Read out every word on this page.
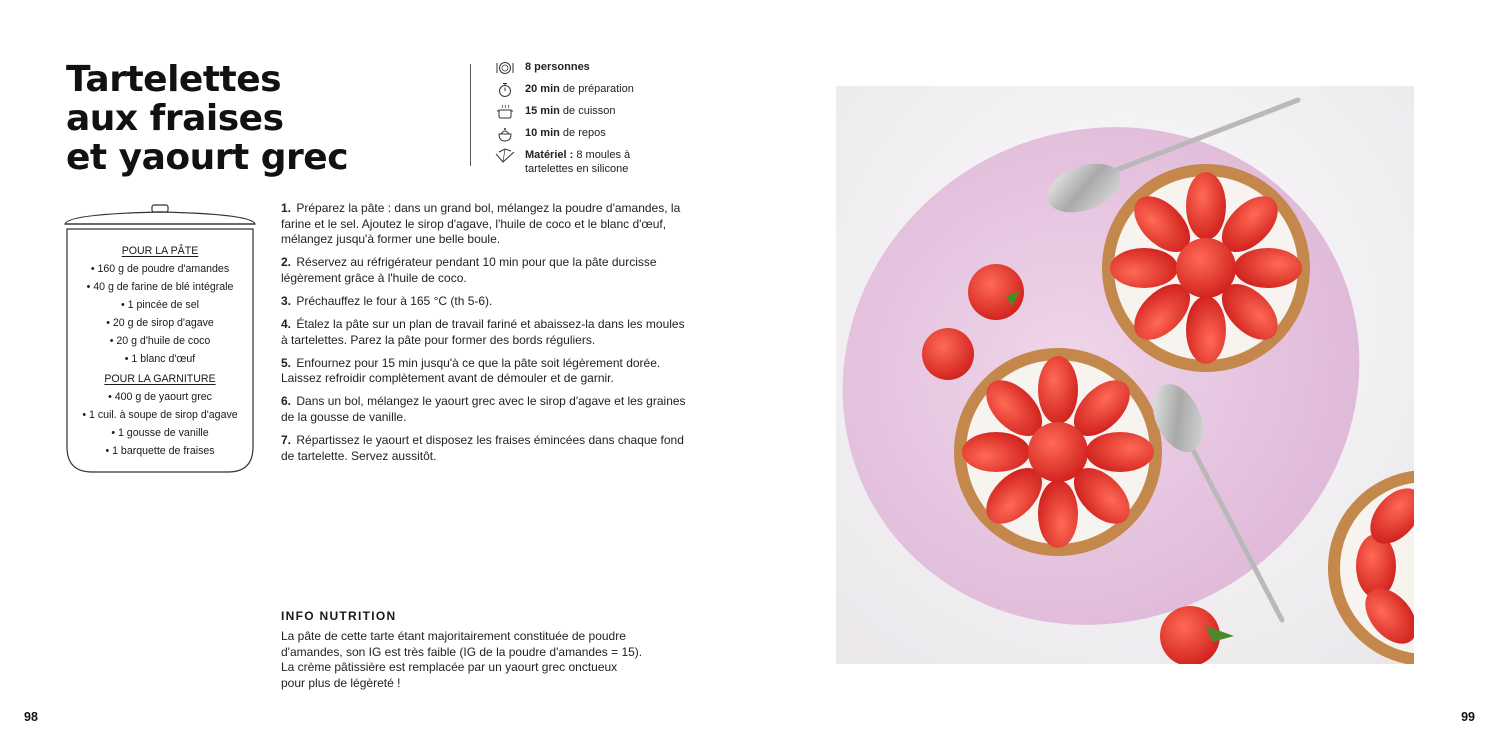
Tartelettes
aux fraises
et yaourt grec
8 personnes
20 min de préparation
15 min de cuisson
10 min de repos
Matériel : 8 moules à tartelettes en silicone
POUR LA PÂTE
• 160 g de poudre d'amandes
• 40 g de farine de blé intégrale
• 1 pincée de sel
• 20 g de sirop d'agave
• 20 g d'huile de coco
• 1 blanc d'œuf
POUR LA GARNITURE
• 400 g de yaourt grec
• 1 cuil. à soupe de sirop d'agave
• 1 gousse de vanille
• 1 barquette de fraises

1. Préparez la pâte : dans un grand bol, mélangez la poudre d'amandes, la farine et le sel. Ajoutez le sirop d'agave, l'huile de coco et le blanc d'œuf, mélangez jusqu'à former une belle boule.

2. Réservez au réfrigérateur pendant 10 min pour que la pâte durcisse légèrement grâce à l'huile de coco.

3. Préchauffez le four à 165 °C (th 5-6).

4. Étalez la pâte sur un plan de travail fariné et abaissez-la dans les moules à tartelettes. Parez la pâte pour former des bords réguliers.

5. Enfournez pour 15 min jusqu'à ce que la pâte soit légèrement dorée. Laissez refroidir complètement avant de démouler et de garnir.

6. Dans un bol, mélangez le yaourt grec avec le sirop d'agave et les graines de la gousse de vanille.

7. Répartissez le yaourt et disposez les fraises émincées dans chaque fond de tartelette. Servez aussitôt.

INFO NUTRITION

La pâte de cette tarte étant majoritairement constituée de poudre
d'amandes, son IG est très faible (IG de la poudre d'amandes = 15).
La crème pâtissière est remplacée par un yaourt grec onctueux
pour plus de légèreté !

98	99
